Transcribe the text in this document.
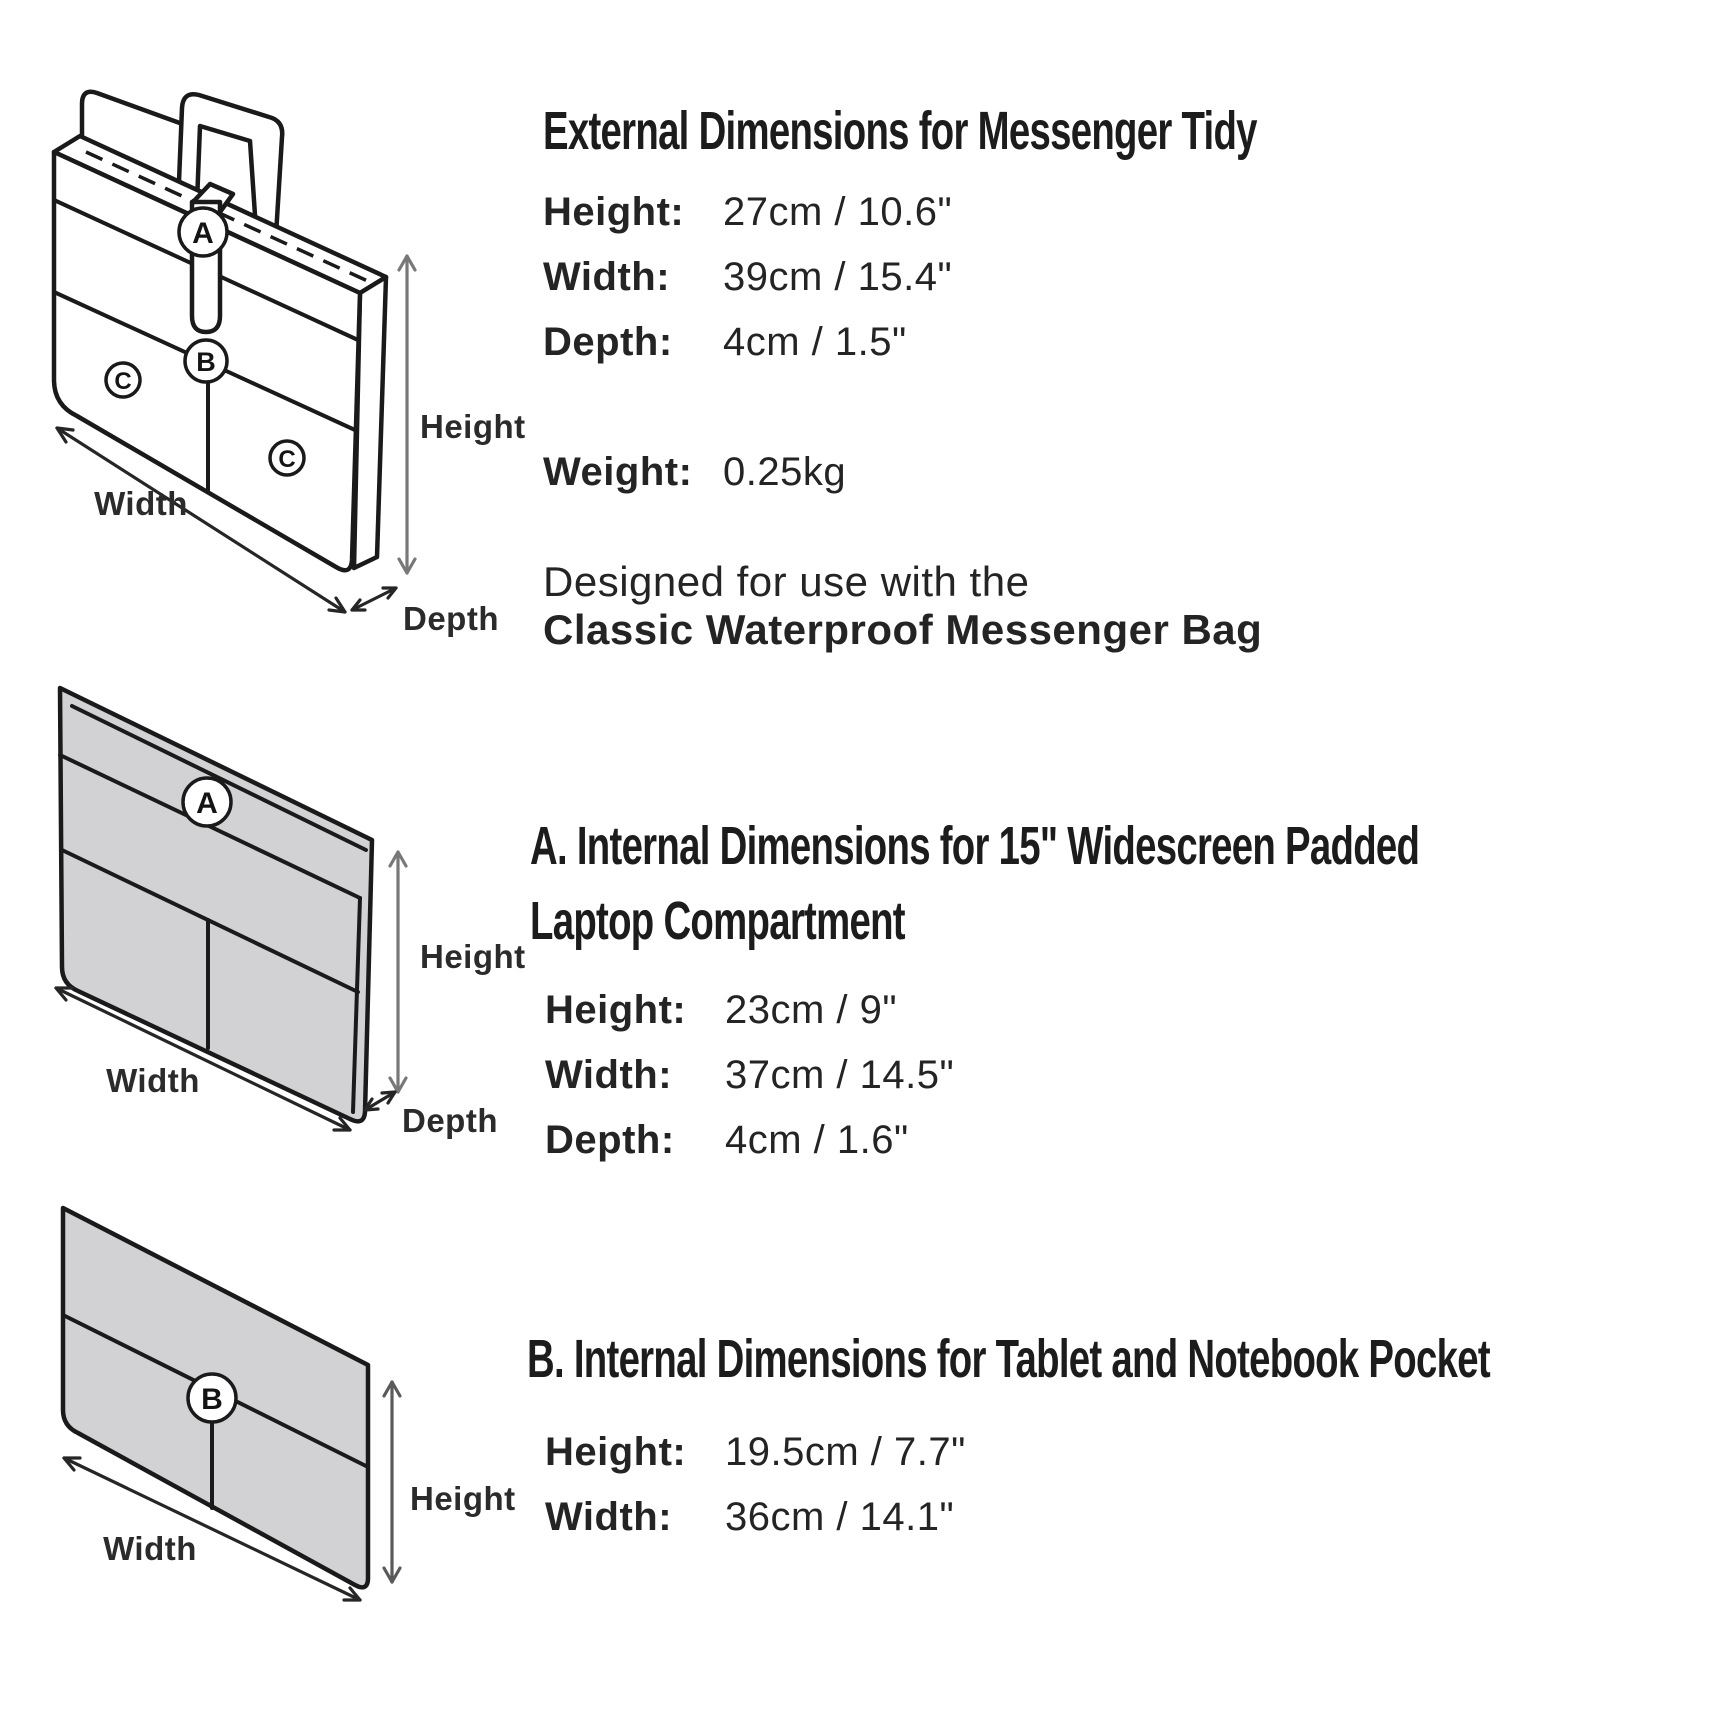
A
B
C
C
Height
Width
Depth
A
Height
Width
Depth
B
Height
Width
External Dimensions for Messenger Tidy
Height: 27cm / 10.6"
Width:	39cm / 15.4"
Depth:	4cm / 1.5"
Weight: 0.25kg
Designed for use with the
Classic Waterproof Messenger Bag
A. Internal Dimensions for 15" Widescreen Padded
Laptop Compartment
Height: 23cm / 9"
Width:	37cm / 14.5"
Depth:	4cm / 1.6"
B. Internal Dimensions for Tablet and Notebook Pocket
Height: 19.5cm / 7.7"
Width:	36cm / 14.1"
